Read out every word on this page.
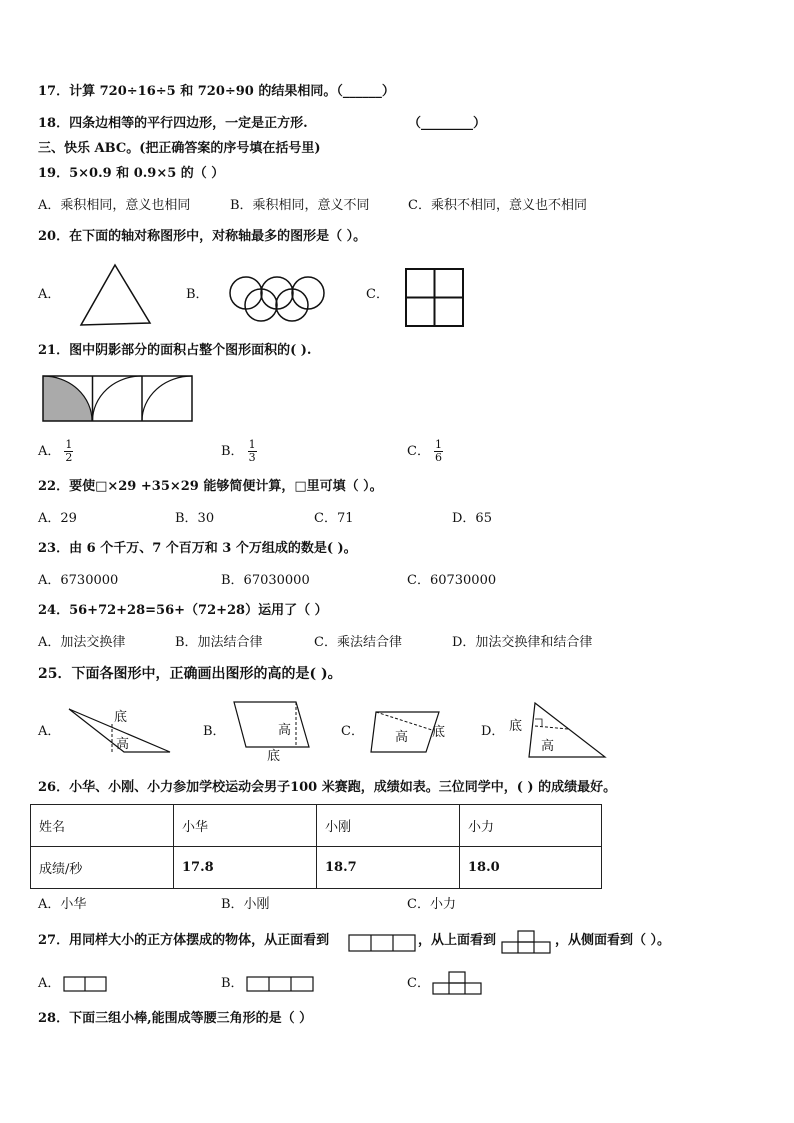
17．计算 720÷16÷5 和 720÷90 的结果相同。（______）
18．四条边相等的平行四边形，一定是正方形.	（________）
三、快乐 ABC。(把正确答案的序号填在括号里)
19．5×0.9 和 0.9×5 的（ ）
A．乘积相同，意义也相同	B．乘积相同，意义不同	C．乘积不相同，意义也不相同
20．在下面的轴对称图形中，对称轴最多的图形是（ ）。
A．	B．	C．
21．图中阴影部分的面积占整个图形面积的( ).
A． $\frac{1}{2}$	B． $\frac{1}{3}$	C． $\frac{1}{6}$
22．要使□×29 +35×29 能够简便计算，□里可填（ ）。
A．29	B．30	C．71	D．65
23．由 6 个千万、7 个百万和 3 个万组成的数是( )。
A．6730000	B．67030000	C．60730000
24．56+72+28=56+（72+28）运用了（ ）
A．加法交换律	B．加法结合律	C．乘法结合律	D．加法交换律和结合律
25．下面各图形中，正确画出图形的高的是( )。
A．
底
高
B．	高
底
C． 高 底	D． 底
高
26．小华、小刚、小力参加学校运动会男子100 米赛跑，成绩如表。三位同学中，( ) 的成绩最好。
姓名	小华	小刚	小力
成绩/秒	17.8	18.7	18.0
A．小华	B．小刚	C．小力
27．用同样大小的正方体摆成的物体，从正面看到	，从上面看到	，从侧面看到（ ）。
A．	B．	C．
28．下面三组小棒,能围成等腰三角形的是（ ）
